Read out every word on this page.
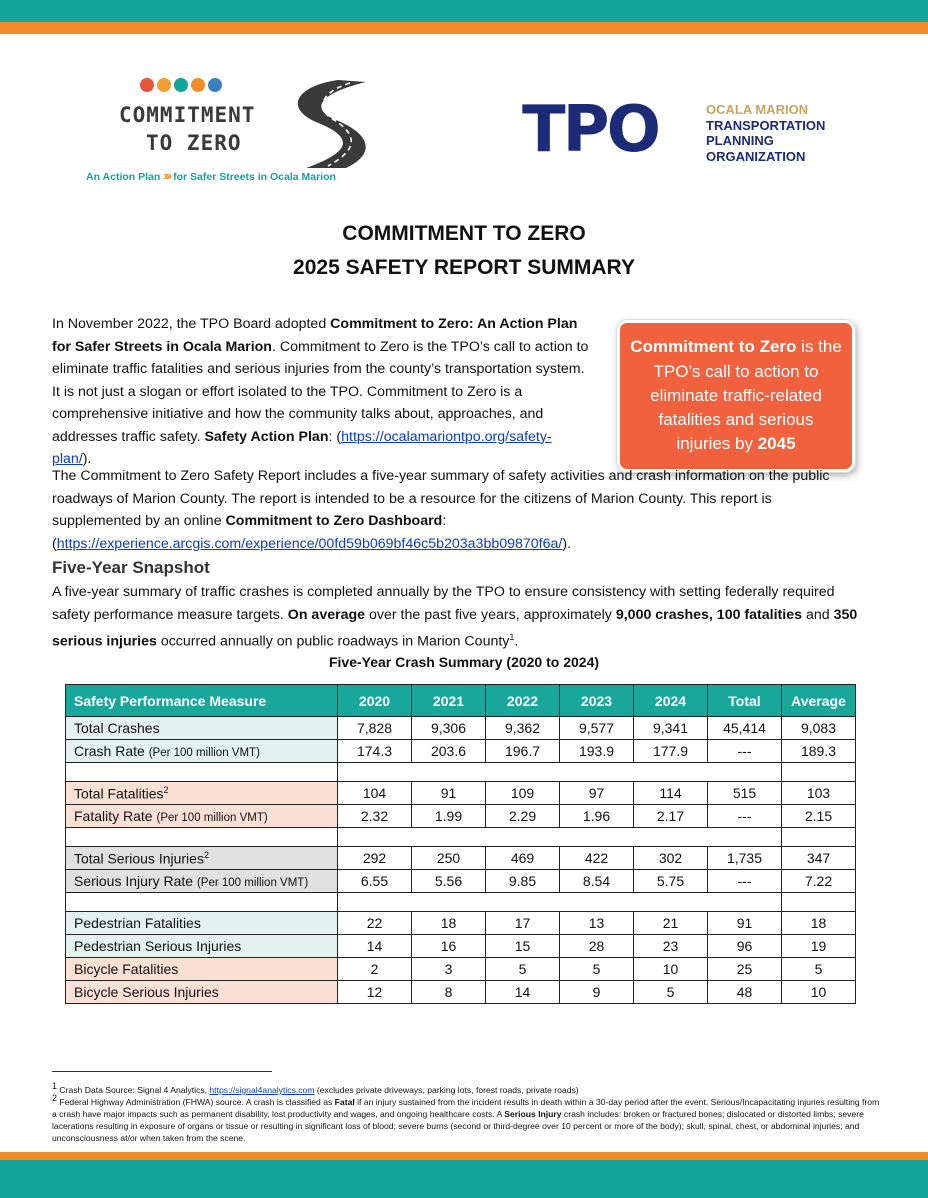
COMMITMENT
TO ZERO
An Action Plan ››› for Safer Streets in Ocala Marion
TPO	OCALA MARION
TRANSPORTATION
PLANNING
ORGANIZATION
COMMITMENT TO ZERO
2025 SAFETY REPORT SUMMARY
In November 2022, the TPO Board adopted Commitment to Zero: An Action Plan for Safer Streets in Ocala Marion. Commitment to Zero is the TPO’s call to action to eliminate traffic fatalities and serious injuries from the county’s transportation system. It is not just a slogan or effort isolated to the TPO. Commitment to Zero is a comprehensive initiative and how the community talks about, approaches, and addresses traffic safety. Safety Action Plan: (https://ocalamariontpo.org/safety-plan/).
Commitment to Zero is the TPO’s call to action to eliminate traffic-related fatalities and serious injuries by 2045
The Commitment to Zero Safety Report includes a five-year summary of safety activities and crash information on the public roadways of Marion County. The report is intended to be a resource for the citizens of Marion County. This report is supplemented by an online Commitment to Zero Dashboard: (https://experience.arcgis.com/experience/00fd59b069bf46c5b203a3bb09870f6a/).
Five-Year Snapshot
A five-year summary of traffic crashes is completed annually by the TPO to ensure consistency with setting federally required safety performance measure targets. On average over the past five years, approximately 9,000 crashes, 100 fatalities and 350 serious injuries occurred annually on public roadways in Marion County$^1$.
Five-Year Crash Summary (2020 to 2024)
Safety Performance Measure	2020	2021	2022	2023	2024	Total	Average
Total Crashes	7,828	9,306	9,362	9,577	9,341	45,414	9,083
Crash Rate (Per 100 million VMT)	174.3	203.6	196.7	193.9	177.9	---	189.3

Total Fatalities$^2$	104	91	109	97	114	515	103
Fatality Rate (Per 100 million VMT)	2.32	1.99	2.29	1.96	2.17	---	2.15

Total Serious Injuries$^2$	292	250	469	422	302	1,735	347
Serious Injury Rate (Per 100 million VMT)	6.55	5.56	9.85	8.54	5.75	---	7.22

Pedestrian Fatalities	22	18	17	13	21	91	18
Pedestrian Serious Injuries	14	16	15	28	23	96	19
Bicycle Fatalities	2	3	5	5	10	25	5
Bicycle Serious Injuries	12	8	14	9	5	48	10
$^1$ Crash Data Source: Signal 4 Analytics, https://signal4analytics.com (excludes private driveways, parking lots, forest roads, private roads)
$^2$ Federal Highway Administration (FHWA) source. A crash is classified as Fatal if an injury sustained from the incident results in death within a 30-day period after the event. Serious/Incapacitating injuries resulting from a crash have major impacts such as permanent disability, lost productivity and wages, and ongoing healthcare costs. A Serious Injury crash includes: broken or fractured bones; dislocated or distorted limbs; severe lacerations resulting in exposure of organs or tissue or resulting in significant loss of blood; severe burns (second or third-degree over 10 percent or more of the body); skull, spinal, chest, or abdominal injuries; and unconsciousness at/or when taken from the scene.
